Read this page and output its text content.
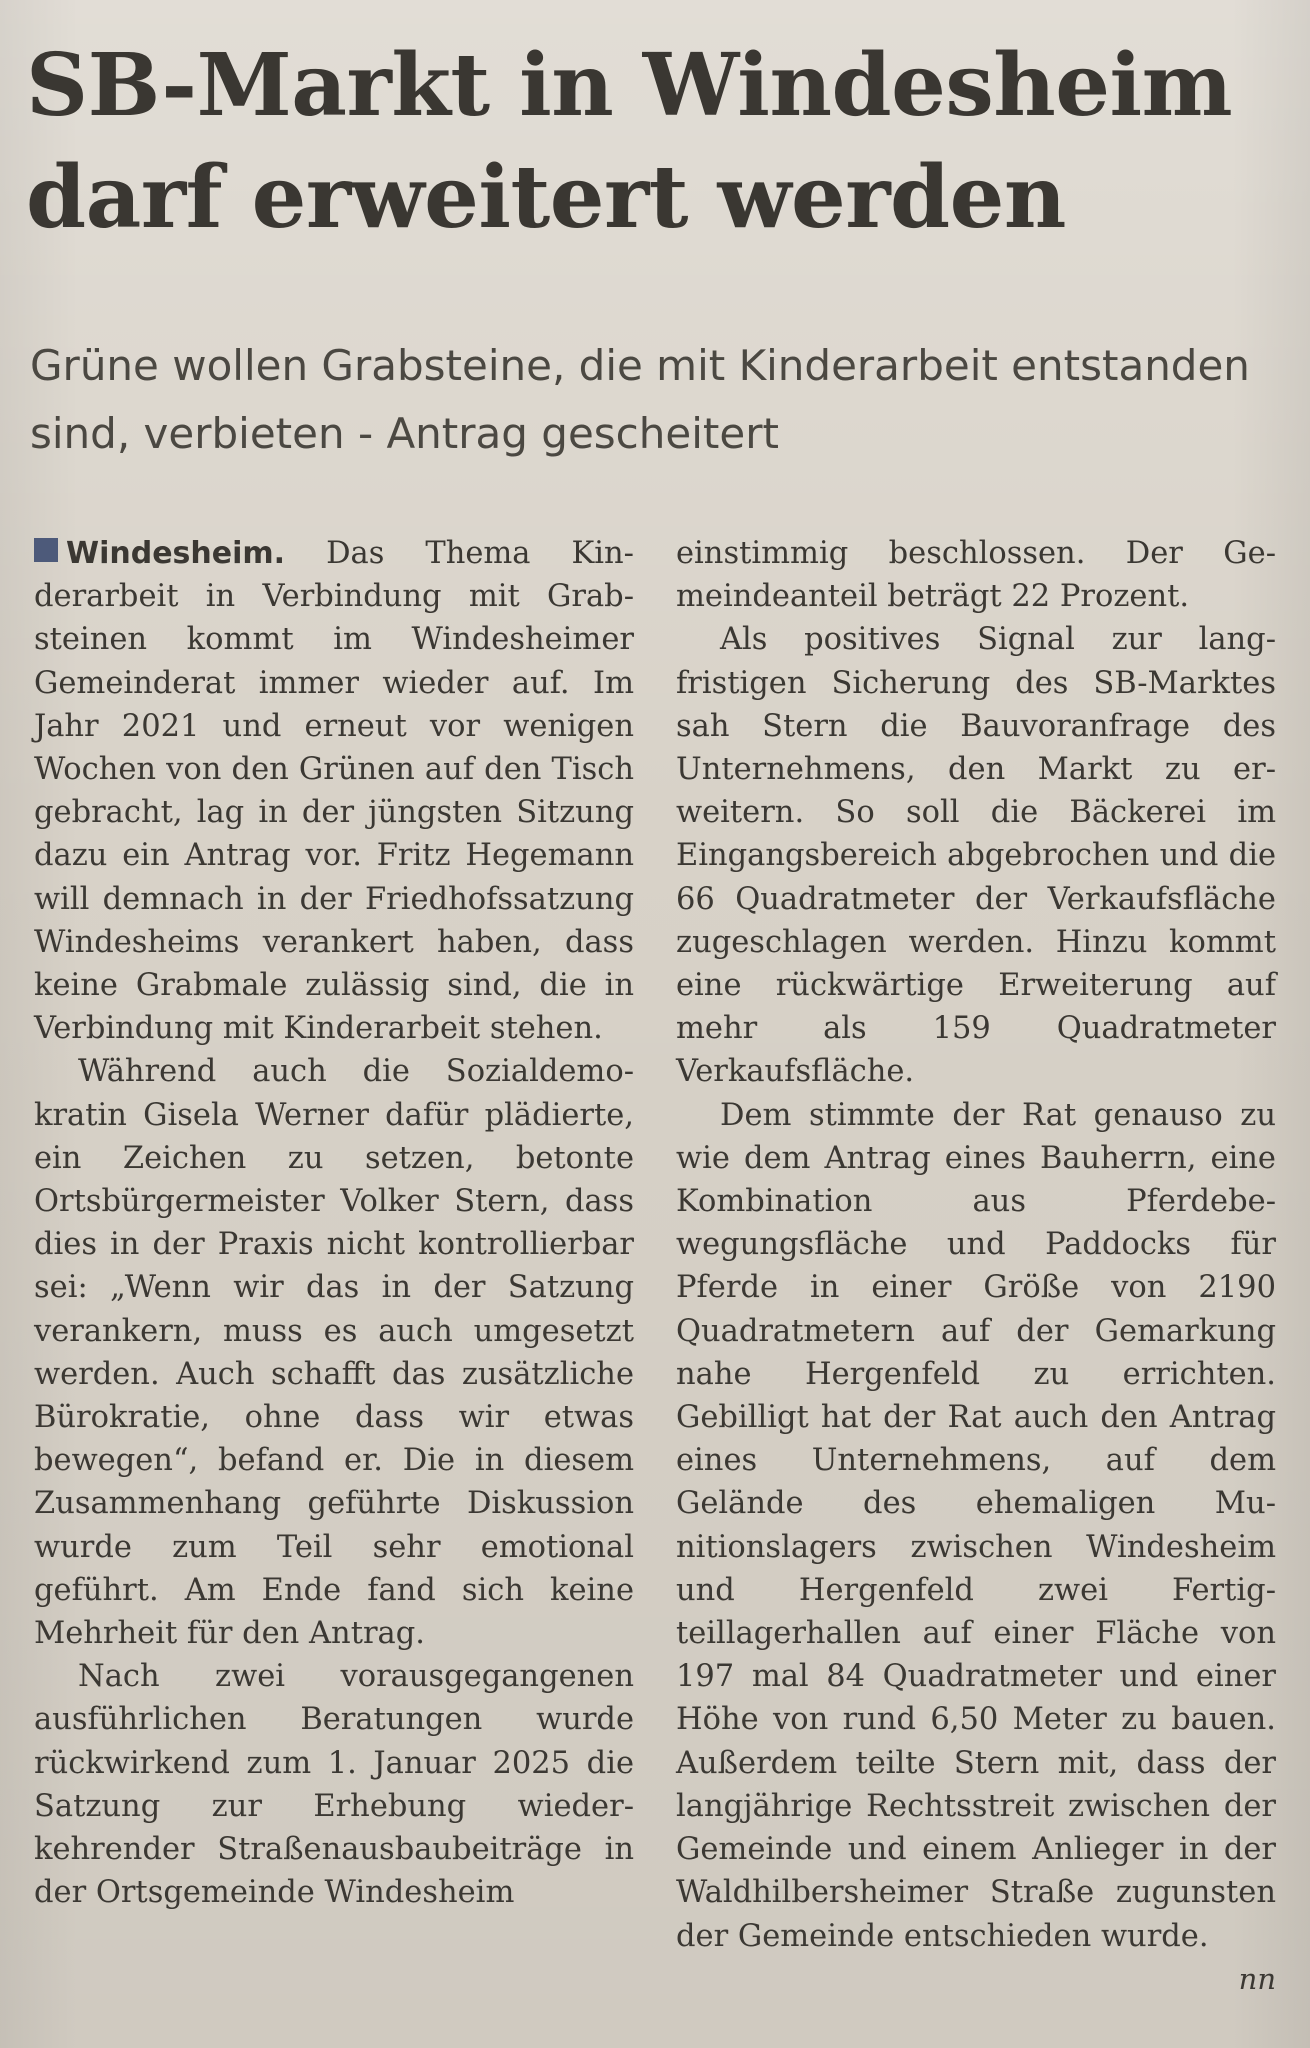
SB-Markt in Windesheim darf erweitert werden
Grüne wollen Grabsteine, die mit Kinderarbeit entstanden sind, verbieten - Antrag gescheitert

Windesheim. Das Thema Kinderarbeit in Verbindung mit Grabsteinen kommt im Windesheimer Gemeinderat immer wieder auf. Im Jahr 2021 und erneut vor wenigen Wochen von den Grünen auf den Tisch gebracht, lag in der jüngsten Sitzung dazu ein Antrag vor. Fritz Hegemann will demnach in der Friedhofssatzung Windesheims verankert haben, dass keine Grabmale zulässig sind, die in Verbindung mit Kinderarbeit stehen.

Während auch die Sozialdemokratin Gisela Werner dafür plädierte, ein Zeichen zu setzen, betonte Ortsbürgermeister Volker Stern, dass dies in der Praxis nicht kontrollierbar sei: „Wenn wir das in der Satzung verankern, muss es auch umgesetzt werden. Auch schafft das zusätzliche Bürokratie, ohne dass wir etwas bewegen“, befand er. Die in diesem Zusammenhang geführte Diskussion wurde zum Teil sehr emotional geführt. Am Ende fand sich keine Mehrheit für den Antrag.

Nach zwei vorausgegangenen ausführlichen Beratungen wurde rückwirkend zum 1. Januar 2025 die Satzung zur Erhebung wiederkehrender Straßenausbaubeiträge in der Ortsgemeinde Windesheim

einstimmig beschlossen. Der Gemeindeanteil beträgt 22 Prozent.

Als positives Signal zur langfristigen Sicherung des SB-Marktes sah Stern die Bauvoranfrage des Unternehmens, den Markt zu erweitern. So soll die Bäckerei im Eingangsbereich abgebrochen und die 66 Quadratmeter der Verkaufsfläche zugeschlagen werden. Hinzu kommt eine rückwärtige Erweiterung auf mehr als 159 Quadratmeter Verkaufsfläche.

Dem stimmte der Rat genauso zu wie dem Antrag eines Bauherrn, eine Kombination aus Pferdebewegungsfläche und Paddocks für Pferde in einer Größe von 2190 Quadratmetern auf der Gemarkung nahe Hergenfeld zu errichten. Gebilligt hat der Rat auch den Antrag eines Unternehmens, auf dem Gelände des ehemaligen Munitionslagers zwischen Windesheim und Hergenfeld zwei Fertigteillagerhallen auf einer Fläche von 197 mal 84 Quadratmeter und einer Höhe von rund 6,50 Meter zu bauen. Außerdem teilte Stern mit, dass der langjährige Rechtsstreit zwischen der Gemeinde und einem Anlieger in der Waldhilbersheimer Straße zugunsten der Gemeinde entschieden wurde.
nn
